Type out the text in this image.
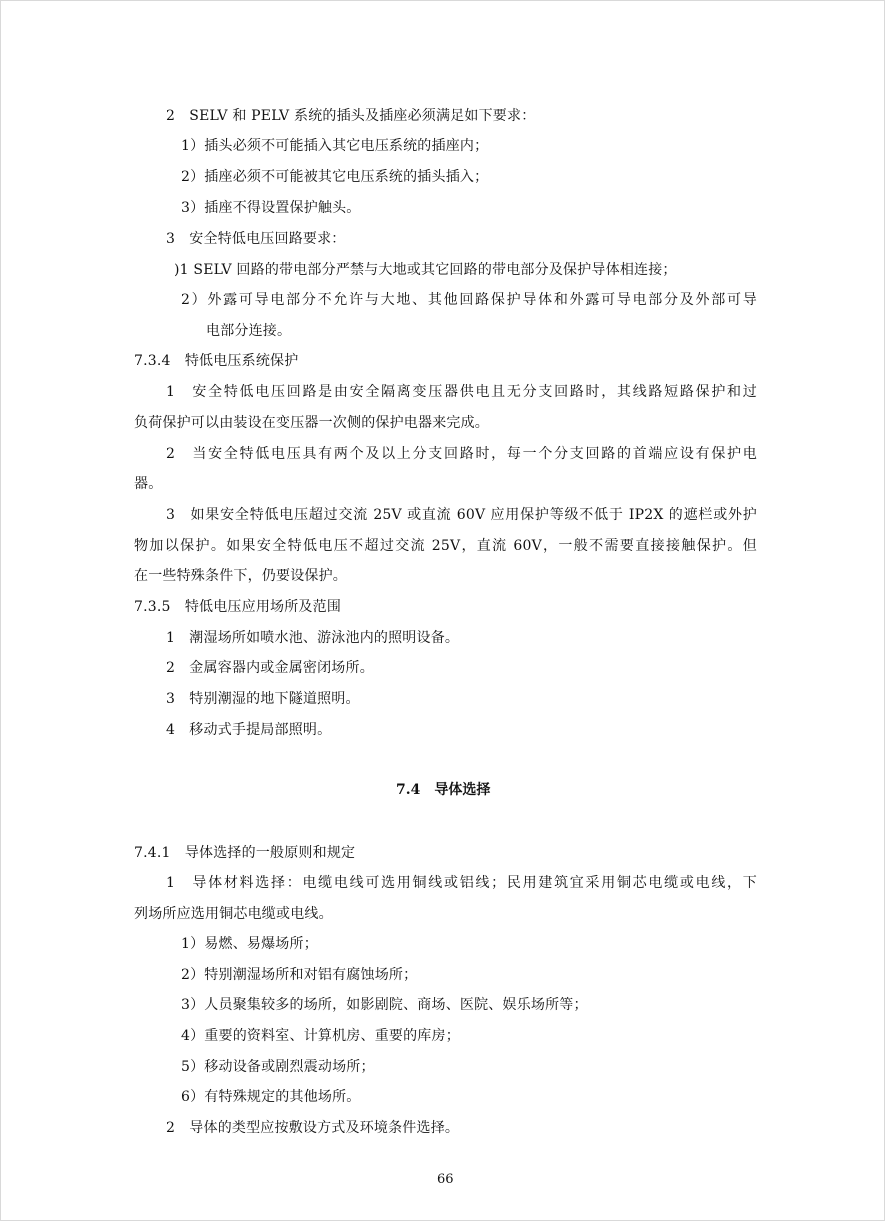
2　SELV 和 PELV 系统的插头及插座必须满足如下要求：
1）插头必须不可能插入其它电压系统的插座内；
2）插座必须不可能被其它电压系统的插头插入；
3）插座不得设置保护触头。
3　安全特低电压回路要求：
)1 SELV 回路的带电部分严禁与大地或其它回路的带电部分及保护导体相连接；
2）外露可导电部分不允许与大地、其他回路保护导体和外露可导电部分及外部可导
电部分连接。
7.3.4　特低电压系统保护
1　安全特低电压回路是由安全隔离变压器供电且无分支回路时，其线路短路保护和过
负荷保护可以由装设在变压器一次侧的保护电器来完成。
2　当安全特低电压具有两个及以上分支回路时，每一个分支回路的首端应设有保护电
器。
3　如果安全特低电压超过交流 25V 或直流 60V 应用保护等级不低于 IP2X 的遮栏或外护
物加以保护。如果安全特低电压不超过交流 25V，直流 60V，一般不需要直接接触保护。但
在一些特殊条件下，仍要设保护。
7.3.5　特低电压应用场所及范围
1　潮湿场所如喷水池、游泳池内的照明设备。
2　金属容器内或金属密闭场所。
3　特别潮湿的地下隧道照明。
4　移动式手提局部照明。
7.4　导体选择
7.4.1　导体选择的一般原则和规定
1　导体材料选择：电缆电线可选用铜线或铝线；民用建筑宜采用铜芯电缆或电线，下
列场所应选用铜芯电缆或电线。
1）易燃、易爆场所；
2）特别潮湿场所和对铝有腐蚀场所；
3）人员聚集较多的场所，如影剧院、商场、医院、娱乐场所等；
4）重要的资料室、计算机房、重要的库房；
5）移动设备或剧烈震动场所；
6）有特殊规定的其他场所。
2　导体的类型应按敷设方式及环境条件选择。
66
